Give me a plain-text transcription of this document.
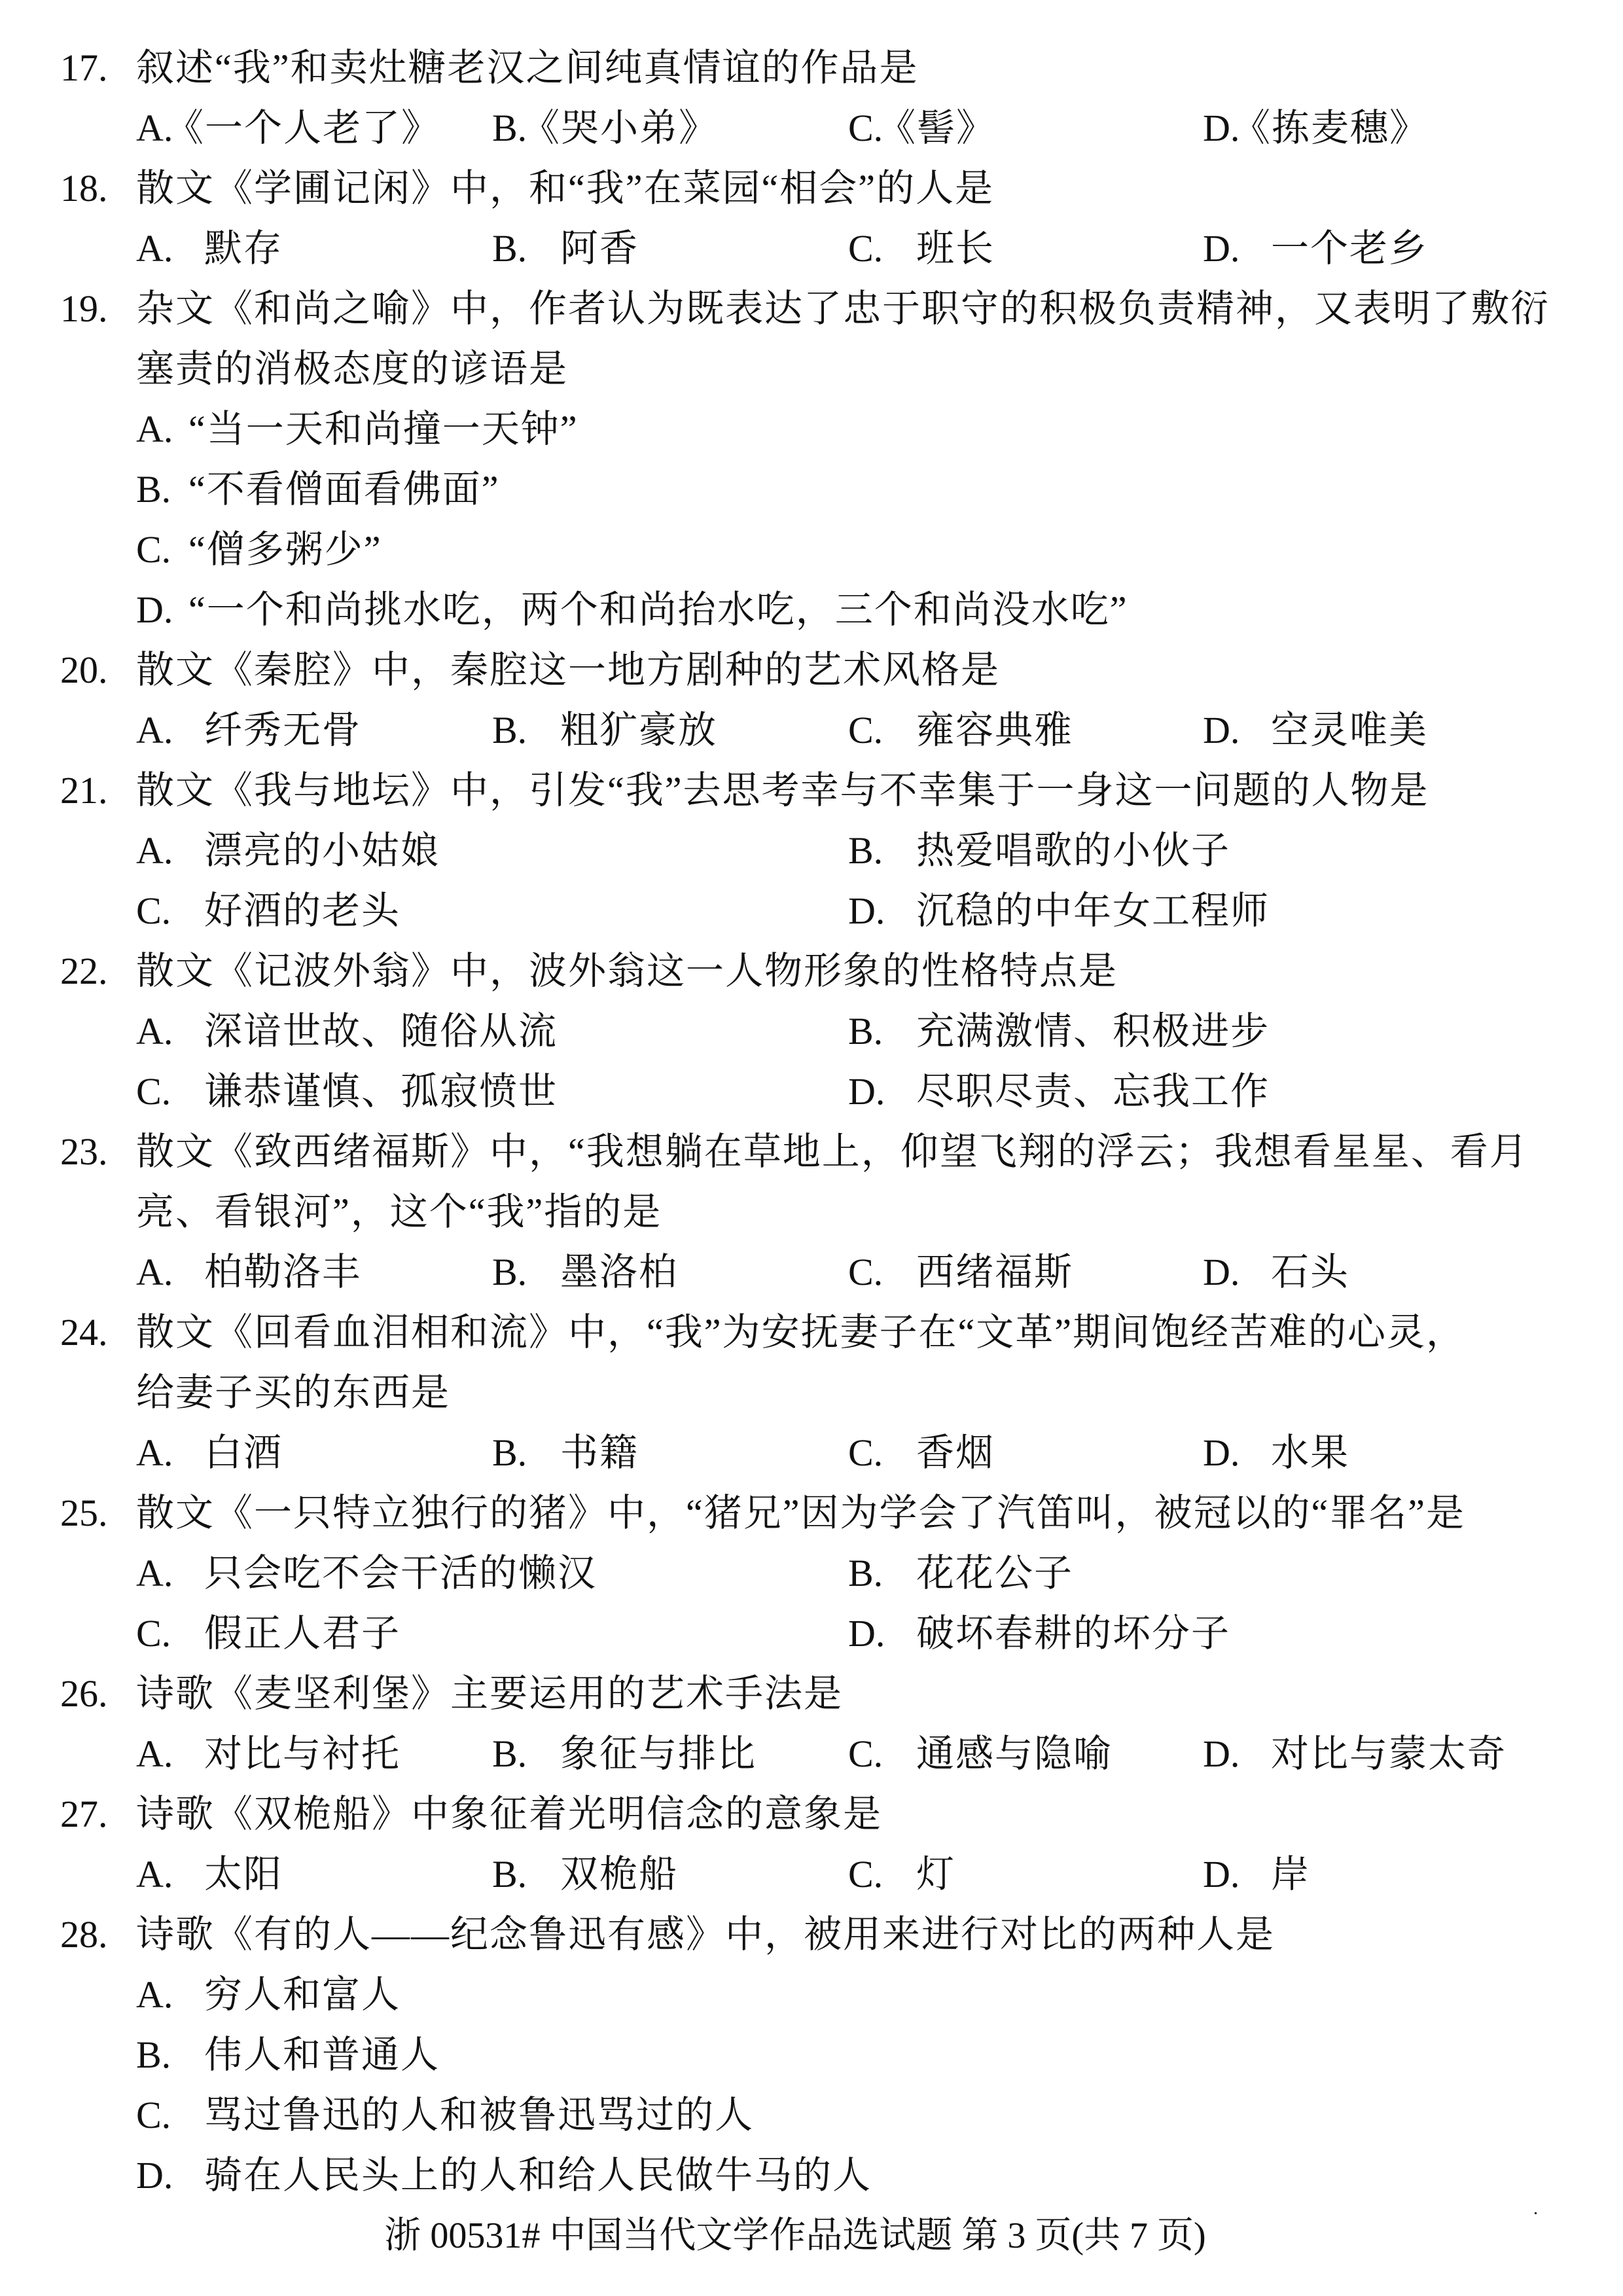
17. 叙述“我”和卖灶糖老汉之间纯真情谊的作品是
A.《一个人老了》 B.《哭小弟》	C.《髻》	D.《拣麦穗》
18. 散文《学圃记闲》中，和“我”在菜园“相会”的人是
A. 默存	B. 阿香	C. 班长	D. 一个老乡
19. 杂文《和尚之喻》中，作者认为既表达了忠于职守的积极负责精神，又表明了敷衍
塞责的消极态度的谚语是
A. “当一天和尚撞一天钟”
B. “不看僧面看佛面”
C. “僧多粥少”
D. “一个和尚挑水吃，两个和尚抬水吃，三个和尚没水吃”
20. 散文《秦腔》中，秦腔这一地方剧种的艺术风格是
A. 纤秀无骨	B. 粗犷豪放	C. 雍容典雅	D. 空灵唯美
21. 散文《我与地坛》中，引发“我”去思考幸与不幸集于一身这一问题的人物是
A. 漂亮的小姑娘	B. 热爱唱歌的小伙子
C. 好酒的老头	D. 沉稳的中年女工程师
22. 散文《记波外翁》中，波外翁这一人物形象的性格特点是
A. 深谙世故、随俗从流	B. 充满激情、积极进步
C. 谦恭谨慎、孤寂愤世	D. 尽职尽责、忘我工作
23. 散文《致西绪福斯》中，“我想躺在草地上，仰望飞翔的浮云；我想看星星、看月
亮、看银河”，这个“我”指的是
A. 柏勒洛丰	B. 墨洛柏	C. 西绪福斯	D. 石头
24. 散文《回看血泪相和流》中，“我”为安抚妻子在“文革”期间饱经苦难的心灵，
给妻子买的东西是
A. 白酒	B. 书籍	C. 香烟	D. 水果
25. 散文《一只特立独行的猪》中，“猪兄”因为学会了汽笛叫，被冠以的“罪名”是
A. 只会吃不会干活的懒汉	B. 花花公子
C. 假正人君子	D. 破坏春耕的坏分子
26. 诗歌《麦坚利堡》主要运用的艺术手法是
A. 对比与衬托 B. 象征与排比 C. 通感与隐喻 D. 对比与蒙太奇
27. 诗歌《双桅船》中象征着光明信念的意象是
A. 太阳	B. 双桅船	C. 灯	D. 岸
28. 诗歌《有的人——纪念鲁迅有感》中，被用来进行对比的两种人是
A. 穷人和富人
B. 伟人和普通人
C. 骂过鲁迅的人和被鲁迅骂过的人
D. 骑在人民头上的人和给人民做牛马的人
浙 00531# 中国当代文学作品选试题 第 3 页(共 7 页)
